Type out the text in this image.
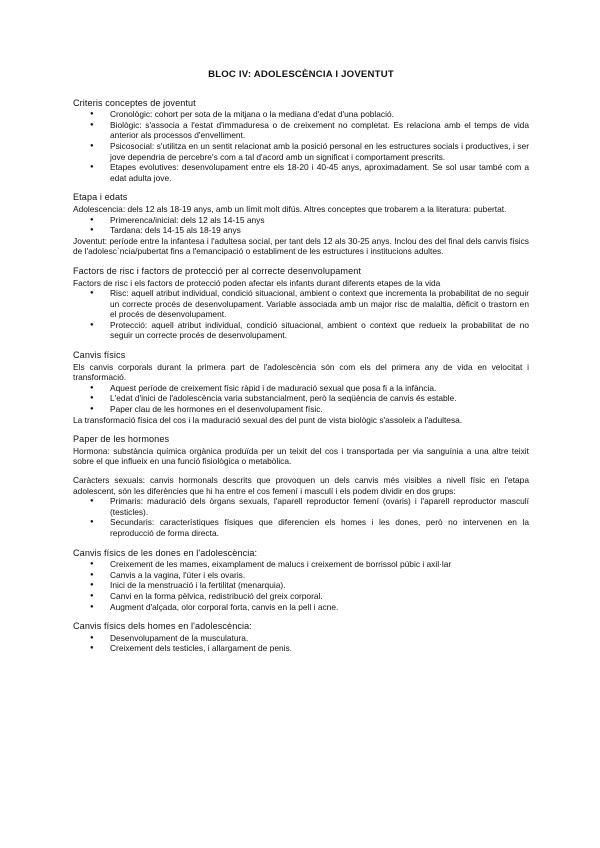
BLOC IV: ADOLESCÈNCIA I JOVENTUT
Criteris conceptes de joventut
● Cronològic: cohort per sota de la mitjana o la mediana d'edat d'una població.
● Biològic: s'associa a l'estat d'immaduresa o de creixement no completat. Es relaciona amb el temps de vida anterior als processos d'envelliment.
● Psicosocial: s'utilitza en un sentit relacionat amb la posició personal en les estructures socials i productives, i ser jove dependria de percebre's com a tal d'acord amb un significat i comportament prescrits.
● Etapes evolutives: desenvolupament entre els 18-20 i 40-45 anys, aproximadament. Se sol usar també com a edat adulta jove.
Etapa i edats

Adolescencia: dels 12 als 18-19 anys, amb un límit molt difús. Altres conceptes que trobarem a la literatura: pubertat.

● Primerenca/inicial: dels 12 als 14-15 anys
● Tardana: dels 14-15 als 18-19 anys

Joventut: període entre la infantesa i l'adultesa social, per tant dels 12 als 30-25 anys. Inclou des del final dels canvis físics de l'adolesc`ncia/pubertat fins a l'emancipació o establiment de les estructures i institucions adultes.

Factors de risc i factors de protecció per al correcte desenvolupament

Factors de risc i els factors de protecció poden afectar els infants durant diferents etapes de la vida

● Risc: aquell atribut individual, condició situacional, ambient o context que incrementa la probabilitat de no seguir un correcte procés de desenvolupament. Variable associada amb un major risc de malaltia, dèficit o trastorn en el procés de desenvolupament.
● Protecció: aquell atribut individual, condició situacional, ambient o context que redueix la probabilitat de no seguir un correcte procés de desenvolupament.
Canvis físics

Els canvis corporals durant la primera part de l'adolescència són com els del primera any de vida en velocitat i transformació.

● Aquest període de creixement físic ràpid i de maduració sexual que posa fi a la infància.
● L'edat d'inici de l'adolescència varia substancialment, però la seqüència de canvis és estable.
● Paper clau de les hormones en el desenvolupament físic.

La transformació física del cos i la maduració sexual des del punt de vista biològic s'assoleix a l'adultesa.

Paper de les hormones

Hormona: substància química orgànica produïda per un teixit del cos i transportada per via sanguínia a una altre teixit sobre el que influeix en una funció fisiològica o metabòlica.

Caràcters sexuals: canvis hormonals descrits que provoquen un dels canvis més visibles a nivell físic en l'etapa adolescent, són les diferències que hi ha entre el cos femení i masculí i els podem dividir en dos grups:

● Primaris: maduració dels òrgans sexuals, l'aparell reproductor femení (ovaris) i l'aparell reproductor masculí (testicles).
● Secundaris: característiques físiques que diferencien els homes i les dones, però no intervenen en la reproducció de forma directa.
Canvis físics de les dones en l'adolescència:
● Creixement de les mames, eixamplament de malucs i creixement de borrissol púbic i axil·lar
● Canvis a la vagina, l'úter i els ovaris.
● Inici de la menstruació i la fertilitat (menarquia).
● Canvi en la forma pèlvica, redistribució del greix corporal.
● Augment d'alçada, olor corporal forta, canvis en la pell i acne.
Canvis físics dels homes en l'adolescència:
● Desenvolupament de la musculatura.
● Creixement dels testicles, i allargament de penis.
